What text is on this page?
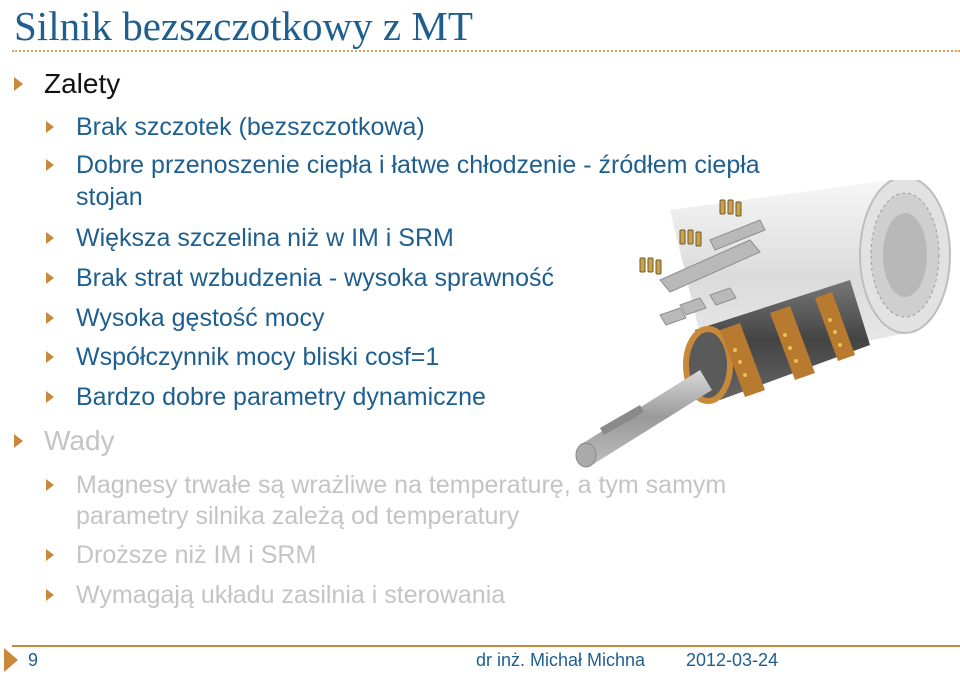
Silnik bezszczotkowy z MT
Zalety
Brak szczotek (bezszczotkowa)
Dobre przenoszenie ciepła i łatwe chłodzenie - źródłem ciepła
stojan
Większa szczelina niż w IM i SRM
Brak strat wzbudzenia - wysoka sprawność
Wysoka gęstość mocy
Współczynnik mocy bliski cosf=1
Bardzo dobre parametry dynamiczne
Wady
Magnesy trwałe są wrażliwe na temperaturę, a tym samym
parametry silnika zależą od temperatury
Droższe niż IM i SRM
Wymagają układu zasilnia i sterowania
9	dr inż. Michał Michna 2012-03-24
